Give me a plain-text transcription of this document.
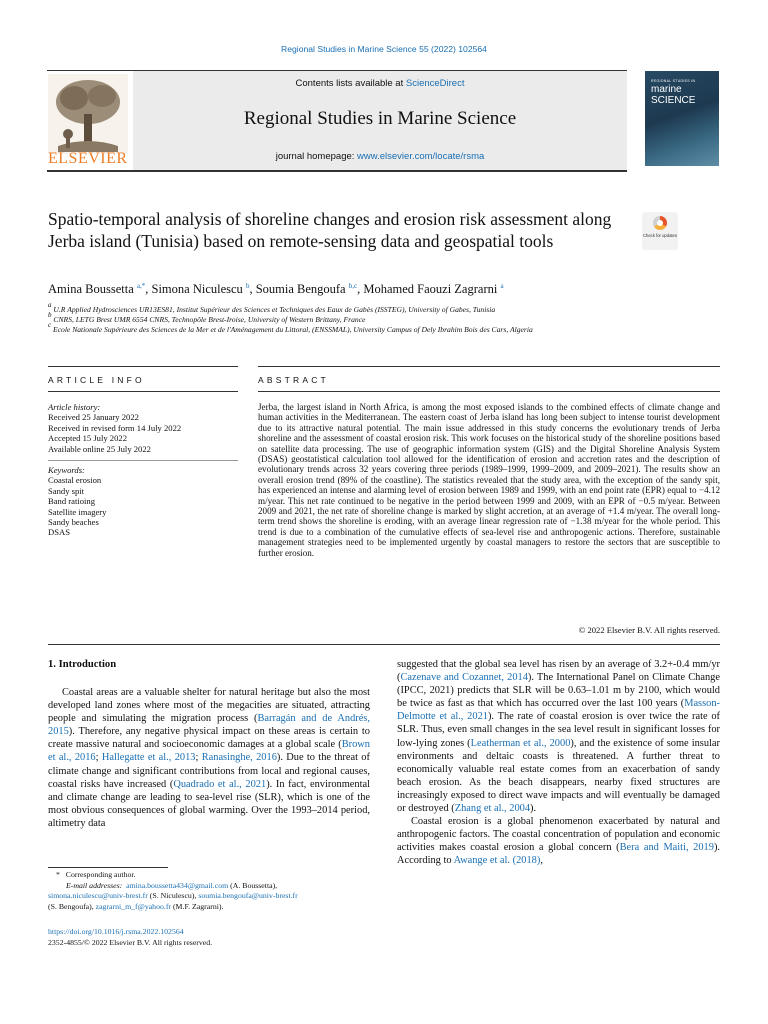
Regional Studies in Marine Science 55 (2022) 102564
Contents lists available at ScienceDirect
Regional Studies in Marine Science
journal homepage: www.elsevier.com/locate/rsma
ELSEVIER
REGIONAL STUDIES IN
marine
SCIENCE
Spatio-temporal analysis of shoreline changes and erosion risk assessment along Jerba island (Tunisia) based on remote-sensing data and geospatial tools	Check for updates
Amina Boussetta $^{a,*}$, Simona Niculescu $^b$, Soumia Bengoufa $^{b,c}$, Mohamed Faouzi Zagrarni $^a$
$^a$ U.R Applied Hydrosciences UR13ES81, Institut Supérieur des Sciences et Techniques des Eaux de Gabès (ISSTEG), University of Gabes, Tunisia
$^b$ CNRS, LETG Brest UMR 6554 CNRS, Technopôle Brest-Iroise, University of Western Brittany, France
$^c$ Ecole Nationale Supérieure des Sciences de la Mer et de l'Aménagement du Littoral, (ENSSMAL), University Campus of Dely Ibrahim Bois des Cars, Algeria
ARTICLE INFO	ABSTRACT
Article history:
Received 25 January 2022
Received in revised form 14 July 2022
Accepted 15 July 2022
Available online 25 July 2022
Keywords:
Coastal erosion
Sandy spit
Band ratioing
Satellite imagery
Sandy beaches
DSAS

Jerba, the largest island in North Africa, is among the most exposed islands to the combined effects of climate change and human activities in the Mediterranean. The eastern coast of Jerba island has long been subject to intense tourist development due to its attractive natural potential. The main issue addressed in this study concerns the evolutionary trends of Jerba shoreline and the assessment of coastal erosion risk. This work focuses on the historical study of the shoreline positions based on satellite data processing. The use of geographic information system (GIS) and the Digital Shoreline Analysis System (DSAS) geostatistical calculation tool allowed for the identification of erosion and accretion rates and the description of evolutionary trends across 32 years covering three periods (1989–1999, 1999–2009, and 2009–2021). The results show an overall erosion trend (89% of the coastline). The statistics revealed that the study area, with the exception of the sandy spit, has experienced an intense and alarming level of erosion between 1989 and 1999, with an end point rate (EPR) equal to −4.12 m/year. This net rate continued to be negative in the period between 1999 and 2009, with an EPR of −0.5 m/year. Between 2009 and 2021, the net rate of shoreline change is marked by slight accretion, at an average of +1.4 m/year. The overall long-term trend shows the shoreline is eroding, with an average linear regression rate of −1.38 m/year for the whole period. This trend is due to a combination of the cumulative effects of sea-level rise and anthropogenic actions. Therefore, sustainable management strategies need to be implemented urgently by coastal managers to restore the sectors that are susceptible to further erosion.

© 2022 Elsevier B.V. All rights reserved.
1. Introduction

Coastal areas are a valuable shelter for natural heritage but also the most developed land zones where most of the megacities are situated, attracting people and simulating the migration process (Barragán and de Andrés, 2015). Therefore, any negative physical impact on these areas is certain to create massive natural and socioeconomic damages at a global scale (Brown et al., 2016; Hallegatte et al., 2013; Ranasinghe, 2016). Due to the threat of climate change and significant contributions from local and regional causes, coastal risks have increased (Quadrado et al., 2021). In fact, environmental and climate change are leading to sea-level rise (SLR), which is one of the most obvious consequences of global warming. Over the 1993–2014 period, altimetry data

suggested that the global sea level has risen by an average of 3.2+-0.4 mm/yr (Cazenave and Cozannet, 2014). The International Panel on Climate Change (IPCC, 2021) predicts that SLR will be 0.63–1.01 m by 2100, which would be twice as fast as that which has occurred over the last 100 years (Masson-Delmotte et al., 2021). The rate of coastal erosion is over twice the rate of SLR. Thus, even small changes in the sea level result in significant losses for low-lying zones (Leatherman et al., 2000), and the existence of some insular environments and deltaic coasts is threatened. A further threat to economically valuable real estate comes from an exacerbation of sandy beach erosion. As the beach disappears, nearby fixed structures are increasingly exposed to direct wave impacts and will eventually be damaged or destroyed (Zhang et al., 2004).

Coastal erosion is a global phenomenon exacerbated by natural and anthropogenic factors. The coastal concentration of population and economic activities makes coastal erosion a global concern (Bera and Maiti, 2019). According to Awange et al. (2018),

* Corresponding author.
E-mail addresses: amina.boussetta434@gmail.com (A. Boussetta),
simona.niculescu@univ-brest.fr (S. Niculescu), soumia.bengoufa@univ-brest.fr
(S. Bengoufa), zagrarni_m_f@yahoo.fr (M.F. Zagrarni).
https://doi.org/10.1016/j.rsma.2022.102564
2352-4855/© 2022 Elsevier B.V. All rights reserved.
